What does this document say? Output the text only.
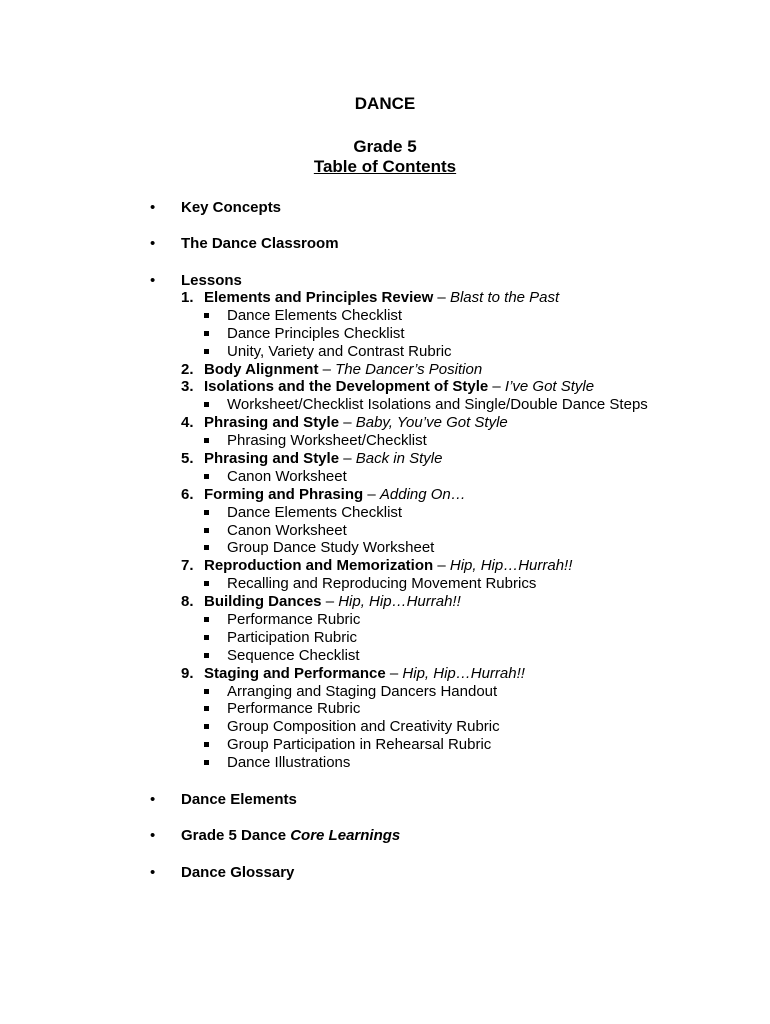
DANCE
Grade 5
Table of Contents
• Key Concepts
• The Dance Classroom
• Lessons
1. Elements and Principles Review – Blast to the Past
Dance Elements Checklist
Dance Principles Checklist
Unity, Variety and Contrast Rubric
2. Body Alignment – The Dancer’s Position
3. Isolations and the Development of Style – I’ve Got Style
Worksheet/Checklist Isolations and Single/Double Dance Steps
4. Phrasing and Style – Baby, You’ve Got Style
Phrasing Worksheet/Checklist
5. Phrasing and Style – Back in Style
Canon Worksheet
6. Forming and Phrasing – Adding On…
Dance Elements Checklist
Canon Worksheet
Group Dance Study Worksheet
7. Reproduction and Memorization – Hip, Hip…Hurrah!!
Recalling and Reproducing Movement Rubrics
8. Building Dances – Hip, Hip…Hurrah!!
Performance Rubric
Participation Rubric
Sequence Checklist
9. Staging and Performance – Hip, Hip…Hurrah!!
Arranging and Staging Dancers Handout
Performance Rubric
Group Composition and Creativity Rubric
Group Participation in Rehearsal Rubric
Dance Illustrations
• Dance Elements
• Grade 5 Dance Core Learnings
• Dance Glossary
